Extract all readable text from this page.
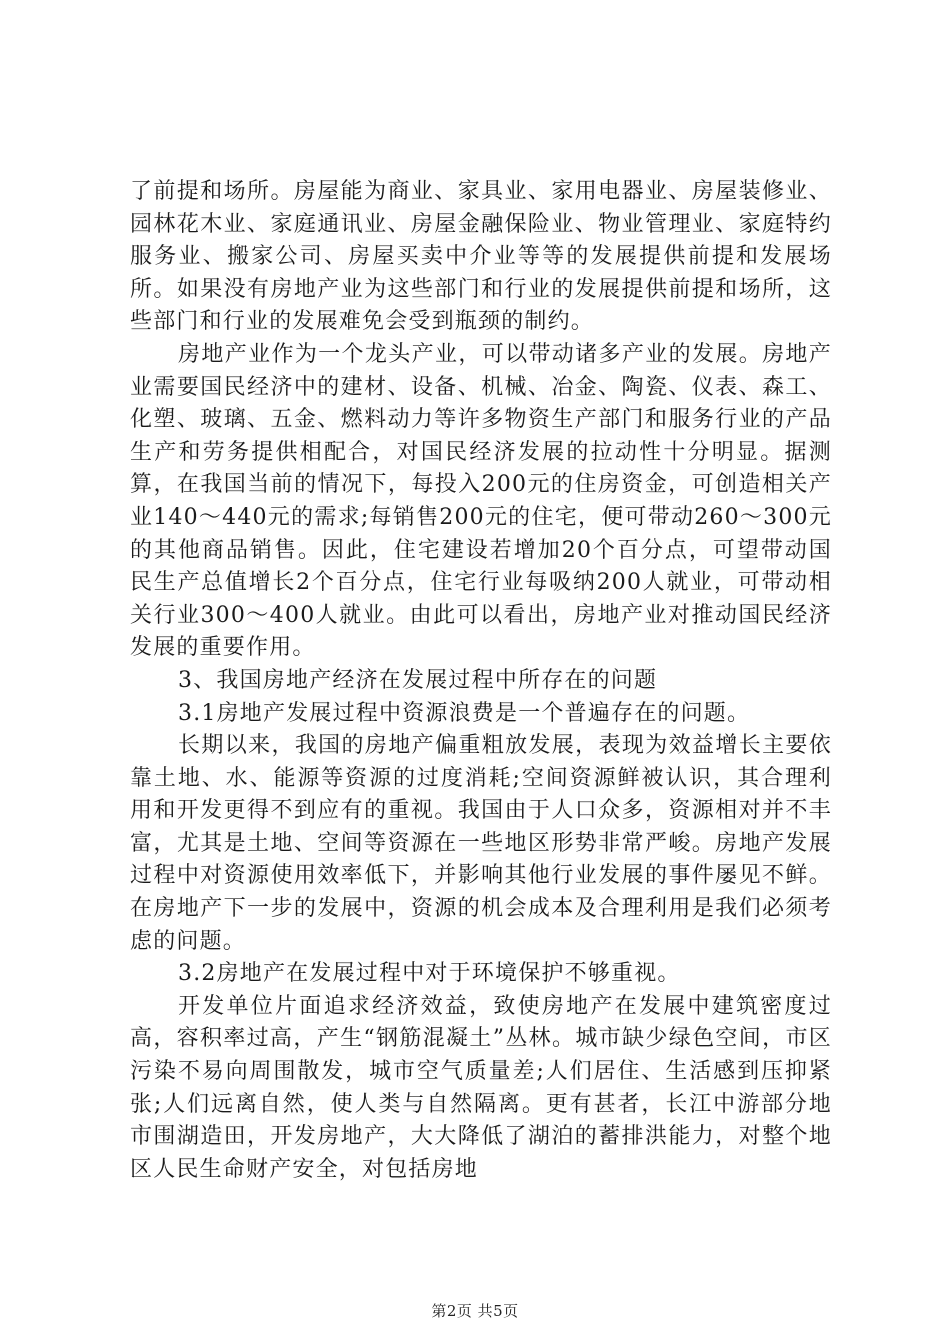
了前提和场所。房屋能为商业、家具业、家用电器业、房屋装修业、园林花木业、家庭通讯业、房屋金融保险业、物业管理业、家庭特约服务业、搬家公司、房屋买卖中介业等等的发展提供前提和发展场所。如果没有房地产业为这些部门和行业的发展提供前提和场所，这些部门和行业的发展难免会受到瓶颈的制约。

房地产业作为一个龙头产业，可以带动诸多产业的发展。房地产业需要国民经济中的建材、设备、机械、冶金、陶瓷、仪表、森工、化塑、玻璃、五金、燃料动力等许多物资生产部门和服务行业的产品生产和劳务提供相配合，对国民经济发展的拉动性十分明显。据测算，在我国当前的情况下，每投入200元的住房资金，可创造相关产业140～440元的需求;每销售200元的住宅，便可带动260～300元的其他商品销售。因此，住宅建设若增加20个百分点，可望带动国民生产总值增长2个百分点，住宅行业每吸纳200人就业，可带动相关行业300～400人就业。由此可以看出，房地产业对推动国民经济发展的重要作用。

3、我国房地产经济在发展过程中所存在的问题

3.1房地产发展过程中资源浪费是一个普遍存在的问题。

长期以来，我国的房地产偏重粗放发展，表现为效益增长主要依靠土地、水、能源等资源的过度消耗;空间资源鲜被认识，其合理利用和开发更得不到应有的重视。我国由于人口众多，资源相对并不丰富，尤其是土地、空间等资源在一些地区形势非常严峻。房地产发展过程中对资源使用效率低下，并影响其他行业发展的事件屡见不鲜。在房地产下一步的发展中，资源的机会成本及合理利用是我们必须考虑的问题。

3.2房地产在发展过程中对于环境保护不够重视。

开发单位片面追求经济效益，致使房地产在发展中建筑密度过高，容积率过高，产生“钢筋混凝土”丛林。城市缺少绿色空间，市区污染不易向周围散发，城市空气质量差;人们居住、生活感到压抑紧张;人们远离自然，使人类与自然隔离。更有甚者，长江中游部分地市围湖造田，开发房地产，大大降低了湖泊的蓄排洪能力，对整个地区人民生命财产安全，对包括房地

第2页 共5页
